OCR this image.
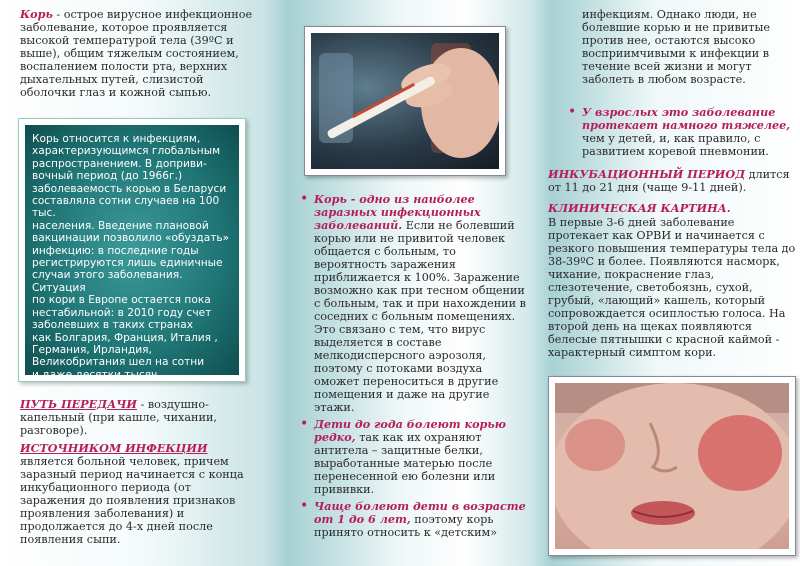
Корь - острое вирусное инфекционное заболевание, которое проявляется высокой температурой тела (39ºС и выше), общим тяжелым состоянием, воспалением полости рта, верхних дыхательных путей, слизистой оболочки глаз и кожной сыпью.

Корь относится к инфекциям,
характеризующимся глобальным
распространением. В доприви-
вочный период (до 1966г.)
заболеваемость корью в Беларуси
составляла сотни случаев на 100 тыс.
населения. Введение плановой
вакцинации позволило «обуздать»
инфекцию: в последние годы
регистрируются лишь единичные
случаи этого заболевания. Ситуация
по кори в Европе остается пока
нестабильной: в 2010 году счет
заболевших в таких странах
как Болгария, Франция, Италия ,
Германия, Ирландия,
Великобритания шел на сотни
и даже десятки тысяч.

ПУТЬ ПЕРЕДАЧИ - воздушно-капельный (при кашле, чихании, разговоре).

ИСТОЧНИКОМ ИНФЕКЦИИ является больной человек, причем заразный период начинается с конца инкубационного периода (от заражения до появления признаков проявления заболевания) и продолжается до 4-х дней после появления сыпи.

• Корь - одно из наиболее заразных инфекционных заболеваний. Если не болевший корью или не привитой человек общается с больным, то вероятность заражения приближается к 100%. Заражение возможно как при тесном общении с больным, так и при нахождении в соседних с больным помещениях. Это связано с тем, что вирус выделяется в составе мелкодисперсного аэрозоля, поэтому с потоками воздуха оможет переноситься в другие помещения и даже на другие этажи.

• Дети до года болеют корью редко, так как их охраняют антитела – защитные белки, выработанные матерью после перенесенной ею болезни или прививки.

• Чаще болеют дети в возрасте от 1 до 6 лет, поэтому корь принято относить к «детским»

инфекциям. Однако люди, не болевшие корью и не привитые против нее, остаются высоко восприимчивыми к инфекции в течение всей жизни и могут заболеть в любом возрасте.

• У взрослых это заболевание протекает намного тяжелее, чем у детей, и, как правило, с развитием коревой пневмонии.

ИНКУБАЦИОННЫЙ ПЕРИОД длится от 11 до 21 дня (чаще 9-11 дней).

КЛИНИЧЕСКАЯ КАРТИНА.

В первые 3-6 дней заболевание протекает как ОРВИ и начинается с резкого повышения температуры тела до 38-39ºС и более. Появляются насморк, чихание, покраснение глаз, слезотечение, светобоязнь, сухой, грубый, «лающий» кашель, который сопровождается осиплостью голоса. На второй день на щеках появляются белесые пятнышки с красной каймой - характерный симптом кори.
